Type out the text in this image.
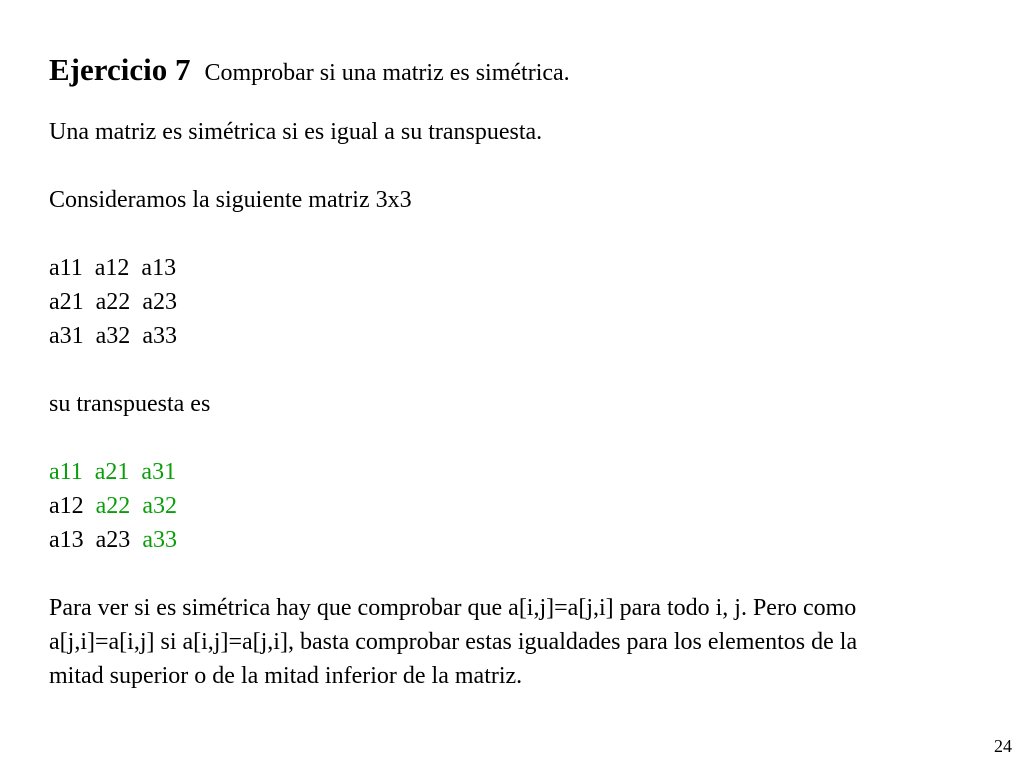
Ejercicio 7 Comprobar si una matriz es simétrica.

Una matriz es simétrica si es igual a su transpuesta.

Consideramos la siguiente matriz 3x3

a11 a12 a13

a21 a22 a23

a31 a32 a33

su transpuesta es

a11 a21 a31

a12 a22 a32

a13 a23 a33

Para ver si es simétrica hay que comprobar que a[i,j]=a[j,i] para todo i, j. Pero como

a[j,i]=a[i,j] si a[i,j]=a[j,i], basta comprobar estas igualdades para los elementos de la

mitad superior o de la mitad inferior de la matriz.

24
